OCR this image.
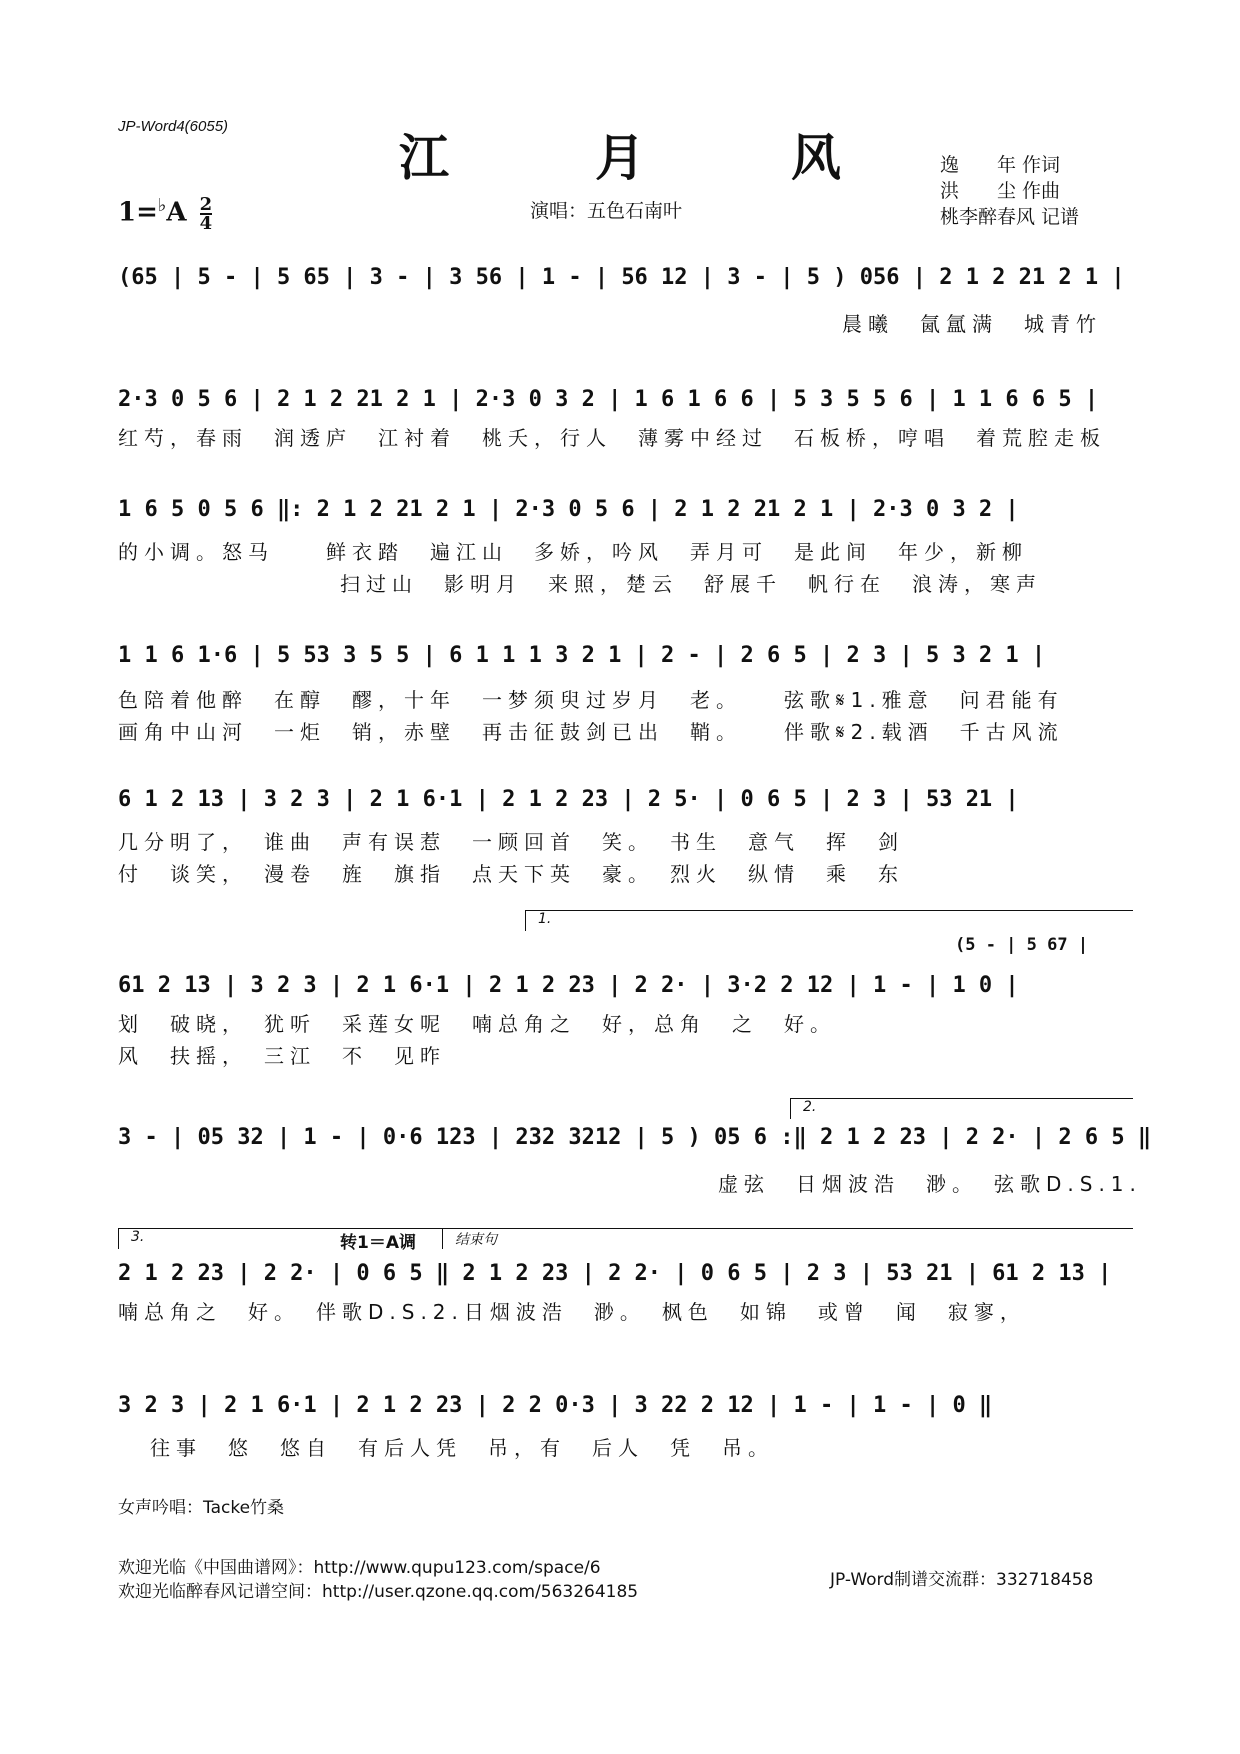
JP-Word4(6055)
江　月　风
$1=^♭A \frac{2}{4}$	演唱：五色石南叶
逸　　年 作词
洪　　尘 作曲
桃李醉春风 记谱
(65 | 5 - | 5 65 | 3 - | 3 56 | 1 - | 56 12 | 3 - | 5 ) 056 | 2 1 2 21 2 1 |
晨曦　氤氲满　城青竹
2·3 0 5 6 | 2 1 2 21 2 1 | 2·3 0 3 2 | 1 6 1 6 6 | 5 3 5 5 6 | 1 1 6 6 5 |
红芍，春雨　润透庐　江衬着　桃夭，行人　薄雾中经过　石板桥，哼唱　着荒腔走板
1 6 5 0 5 6 ‖: 2 1 2 21 2 1 | 2·3 0 5 6 | 2 1 2 21 2 1 | 2·3 0 3 2 |
的小调。怒马　　鲜衣踏　遍江山　多娇，吟风　弄月可　是此间　年少，新柳
扫过山　影明月　来照，楚云　舒展千　帆行在　浪涛，寒声
1 1 6 1·6 | 5 53 3 5 5 | 6 1 1 1 3 2 1 | 2 - | 2 6 5 | 2 3 | 5 3 2 1 |
色陪着他醉　在醇　醪，十年　一梦须臾过岁月　老。　　弦歌𝄋1.雅意　问君能有
画角中山河　一炬　销，赤壁　再击征鼓剑已出　鞘。　　伴歌𝄋2.载酒　千古风流
6 1 2 13 | 3 2 3 | 2 1 6·1 | 2 1 2 23 | 2 5· | 0 6 5 | 2 3 | 53 21 |
几分明了，　谁曲　声有误惹　一顾回首　笑。　书生　意气　挥　剑
付　谈笑，　漫卷　旌　旗指　点天下英　豪。　烈火　纵情　乘　东
1.
(5 - | 5 67 |
61 2 13 | 3 2 3 | 2 1 6·1 | 2 1 2 23 | 2 2· | 3·2 2 12 | 1 - | 1 0 |
划　破晓，　犹听　采莲女呢　喃总角之　好，总角　之　好。
风　扶摇，　三江　不　见昨
2.
3 - | 05 32 | 1 - | 0·6 123 | 232 3212 | 5 ) 05 6 :‖ 2 1 2 23 | 2 2· | 2 6 5 ‖
虚弦　日烟波浩　渺。　弦歌D.S.1.
3.	转1＝A调	结束句
2 1 2 23 | 2 2· | 0 6 5 ‖ 2 1 2 23 | 2 2· | 0 6 5 | 2 3 | 53 21 | 61 2 13 |
喃总角之　好。　伴歌D.S.2.日烟波浩　渺。　枫色　如锦　或曾　闻　寂寥，
3 2 3 | 2 1 6·1 | 2 1 2 23 | 2 2 0·3 | 3 22 2 12 | 1 - | 1 - | 0 ‖
往事　悠　悠自　有后人凭　吊，有　后人　凭　吊。
女声吟唱：Tacke竹桑
欢迎光临《中国曲谱网》：http://www.qupu123.com/space/6
欢迎光临醉春风记谱空间：http://user.qzone.qq.com/563264185
JP-Word制谱交流群：332718458
